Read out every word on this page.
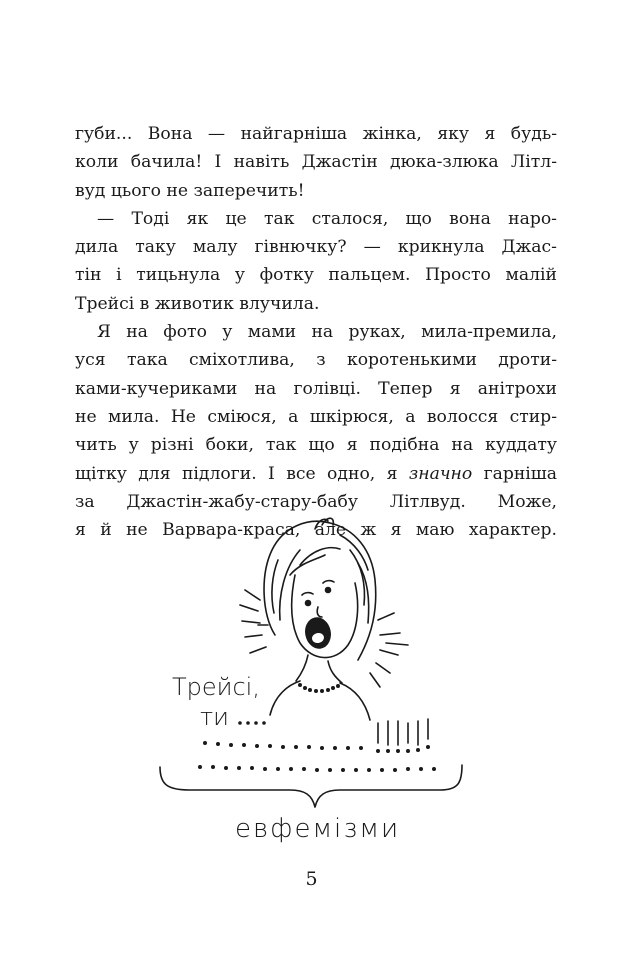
губи... Вона — найгарніша жінка, яку я будь-
коли бачила! І навіть Джастін дюка-злюка Літл-
вуд цього не заперечить!
— Тоді як це так сталося, що вона наро-
дила таку малу гівнючку? — крикнула Джас-
тін і тицьнула у фотку пальцем. Просто малій
Трейсі в животик влучила.
Я на фото у мами на руках, мила-премила,
уся така сміхотлива, з коротенькими дроти-
ками-кучериками на голівці. Тепер я анітрохи
не мила. Не сміюся, а шкірюся, а волосся стир-
чить у різні боки, так що я подібна на куддату
щітку для підлоги. І все одно, я значно гарніша
за Джастін-жабу-стару-бабу Літлвуд. Може,
я й не Варвара-краса, але ж я маю характер.
Трейсі,
ти
евфемізми
5
